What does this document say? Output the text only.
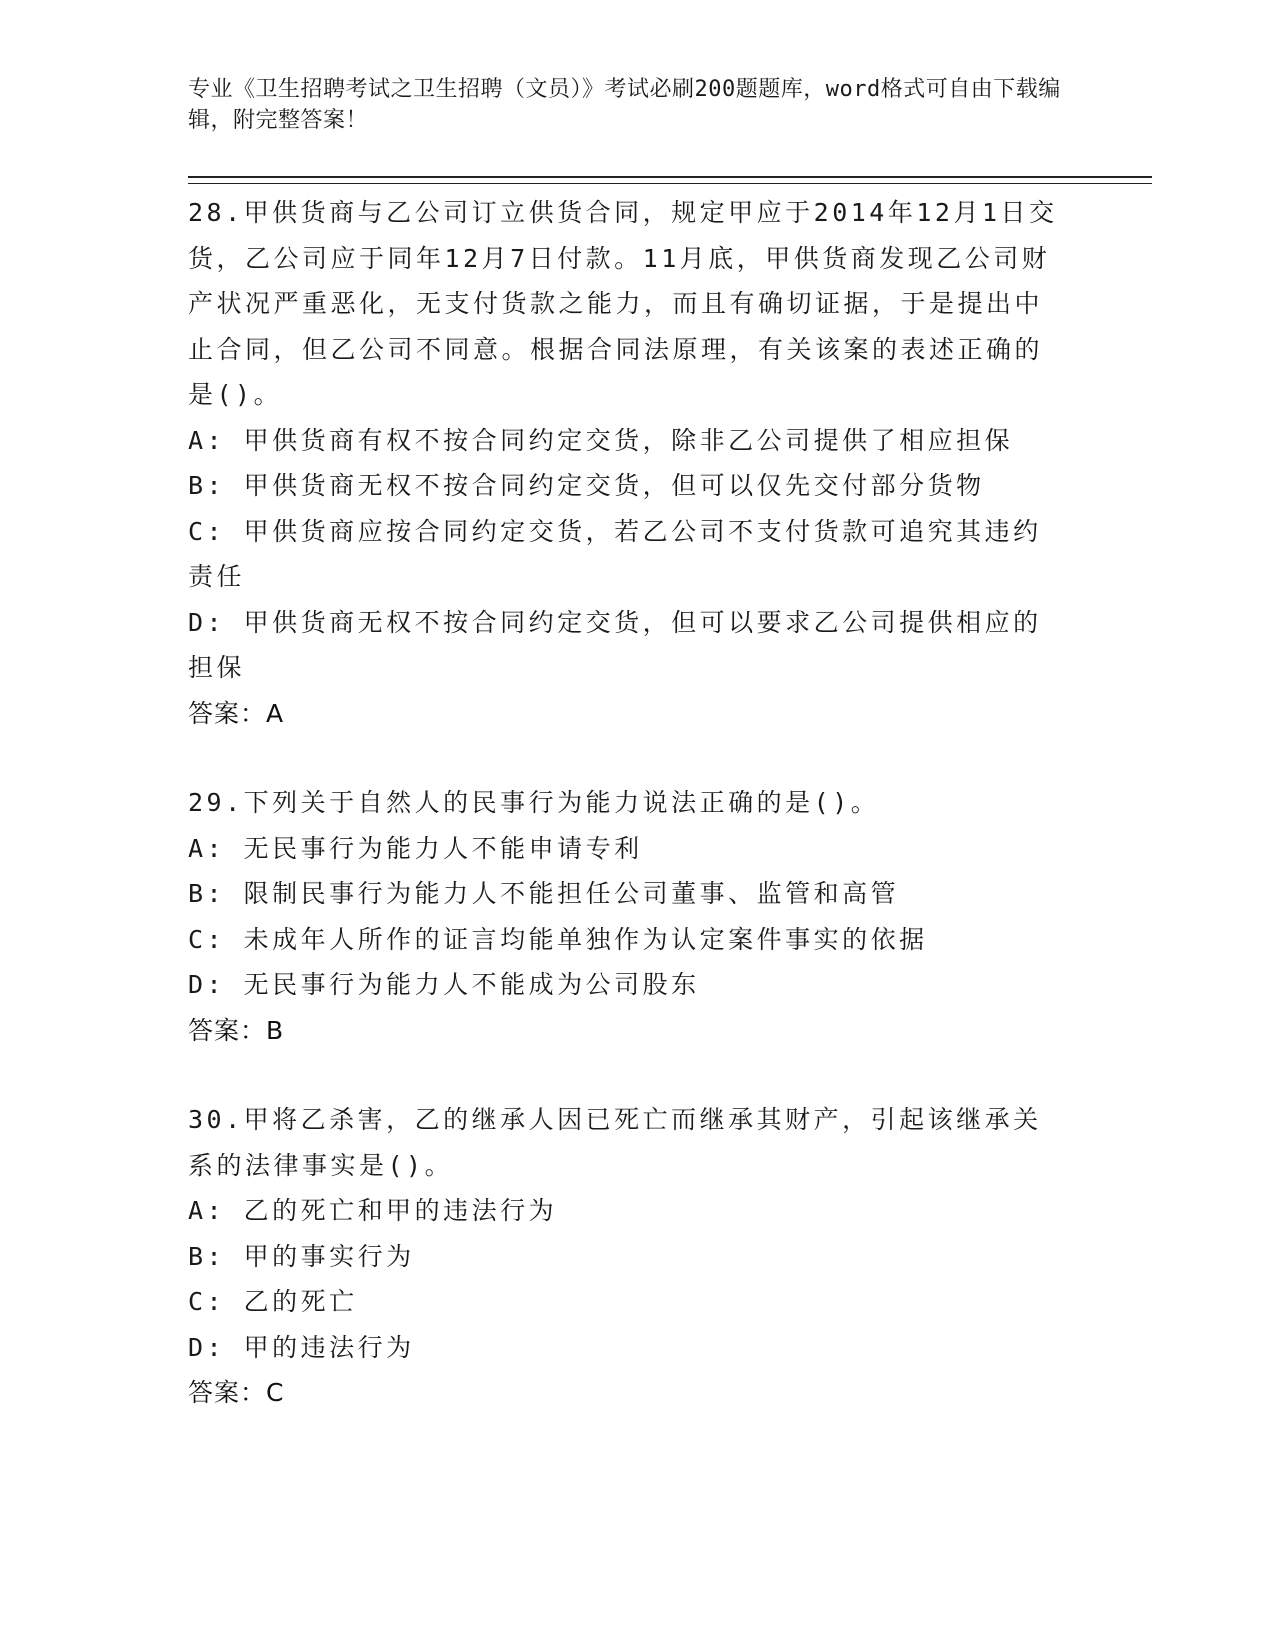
专业《卫生招聘考试之卫生招聘（文员）》考试必刷200题题库，word格式可自由下载编辑，附完整答案！
28.甲供货商与乙公司订立供货合同，规定甲应于2014年12月1日交货，乙公司应于同年12月7日付款。11月底，甲供货商发现乙公司财产状况严重恶化，无支付货款之能力，而且有确切证据，于是提出中止合同，但乙公司不同意。根据合同法原理，有关该案的表述正确的是()。
A: 甲供货商有权不按合同约定交货，除非乙公司提供了相应担保
B: 甲供货商无权不按合同约定交货，但可以仅先交付部分货物
C: 甲供货商应按合同约定交货，若乙公司不支付货款可追究其违约责任
D: 甲供货商无权不按合同约定交货，但可以要求乙公司提供相应的担保
答案：A
29.下列关于自然人的民事行为能力说法正确的是()。
A: 无民事行为能力人不能申请专利
B: 限制民事行为能力人不能担任公司董事、监管和高管
C: 未成年人所作的证言均能单独作为认定案件事实的依据
D: 无民事行为能力人不能成为公司股东
答案：B
30.甲将乙杀害，乙的继承人因已死亡而继承其财产，引起该继承关系的法律事实是()。
A: 乙的死亡和甲的违法行为
B: 甲的事实行为
C: 乙的死亡
D: 甲的违法行为
答案：C
